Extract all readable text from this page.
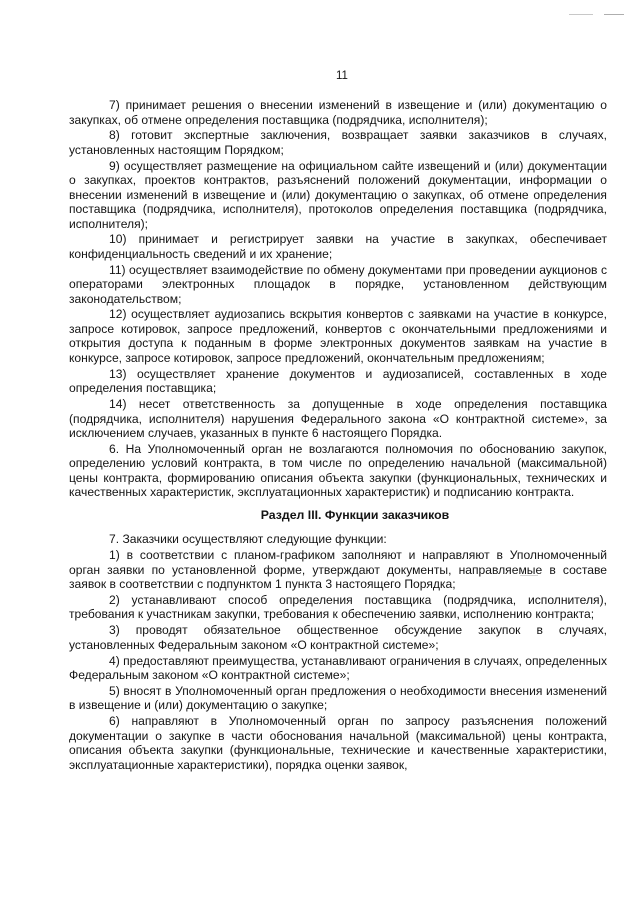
11

7) принимает решения о внесении изменений в извещение и (или) документацию о закупках, об отмене определения поставщика (подрядчика, исполнителя);

8) готовит экспертные заключения, возвращает заявки заказчиков в случаях, установленных настоящим Порядком;

9) осуществляет размещение на официальном сайте извещений и (или) документации о закупках, проектов контрактов, разъяснений положений документации, информации о внесении изменений в извещение и (или) документацию о закупках, об отмене определения поставщика (подрядчика, исполнителя), протоколов определения поставщика (подрядчика, исполнителя);

10) принимает и регистрирует заявки на участие в закупках, обеспечивает конфиденциальность сведений и их хранение;

11) осуществляет взаимодействие по обмену документами при проведении аукционов с операторами электронных площадок в порядке, установленном действующим законодательством;

12) осуществляет аудиозапись вскрытия конвертов с заявками на участие в конкурсе, запросе котировок, запросе предложений, конвертов с окончательными предложениями и открытия доступа к поданным в форме электронных документов заявкам на участие в конкурсе, запросе котировок, запросе предложений, окончательным предложениям;

13) осуществляет хранение документов и аудиозаписей, составленных в ходе определения поставщика;

14) несет ответственность за допущенные в ходе определения поставщика (подрядчика, исполнителя) нарушения Федерального закона «О контрактной системе», за исключением случаев, указанных в пункте 6 настоящего Порядка.

6. На Уполномоченный орган не возлагаются полномочия по обоснованию закупок, определению условий контракта, в том числе по определению начальной (максимальной) цены контракта, формированию описания объекта закупки (функциональных, технических и качественных характеристик, эксплуатационных характеристик) и подписанию контракта.

Раздел III. Функции заказчиков

7. Заказчики осуществляют следующие функции:

1) в соответствии с планом-графиком заполняют и направляют в Уполномоченный орган заявки по установленной форме, утверждают документы, направляемые в составе заявок в соответствии с подпунктом 1 пункта 3 настоящего Порядка;

2) устанавливают способ определения поставщика (подрядчика, исполнителя), требования к участникам закупки, требования к обеспечению заявки, исполнению контракта;

3) проводят обязательное общественное обсуждение закупок в случаях, установленных Федеральным законом «О контрактной системе»;

4) предоставляют преимущества, устанавливают ограничения в случаях, определенных Федеральным законом «О контрактной системе»;

5) вносят в Уполномоченный орган предложения о необходимости внесения изменений в извещение и (или) документацию о закупке;

6) направляют в Уполномоченный орган по запросу разъяснения положений документации о закупке в части обоснования начальной (максимальной) цены контракта, описания объекта закупки (функциональные, технические и качественные характеристики, эксплуатационные характеристики), порядка оценки заявок,
